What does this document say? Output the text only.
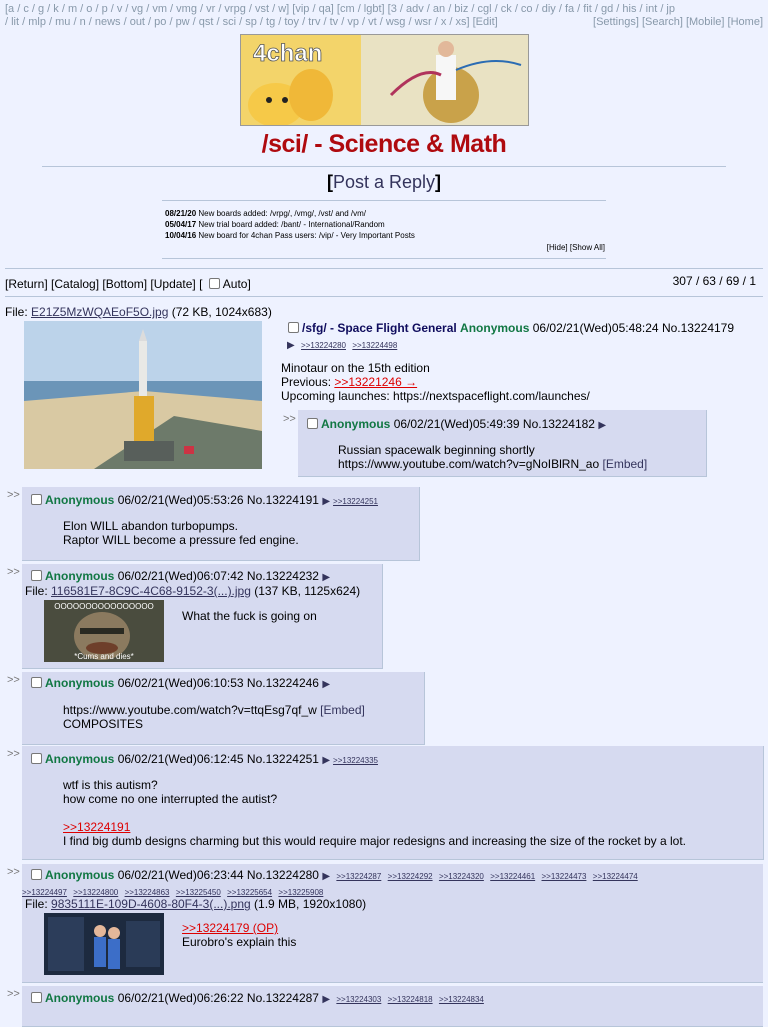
[a / c / g / k / m / o / p / v / vg / vm / vmg / vr / vrpg / vst / w] [vip / qa] [cm / lgbt] [3 / adv / an / biz / cgl / ck / co / diy / fa / fit / gd / his / int / jp
/ lit / mlp / mu / n / news / out / po / pw / qst / sci / sp / tg / toy / trv / tv / vp / vt / wsg / wsr / x / xs] [Edit]	[Settings] [Search] [Mobile] [Home]
4chan
/sci/ - Science & Math
[Post a Reply]
08/21/20 New boards added: /vrpg/, /vmg/, /vst/ and /vm/
05/04/17 New trial board added: /bant/ - International/Random
10/04/16 New board for 4chan Pass users: /vip/ - Very Important Posts
[Hide] [Show All]
[Return] [Catalog] [Bottom] [Update] [ Auto]	307 / 63 / 69 / 1
File: E21Z5MzWQAEoF5O.jpg (72 KB, 1024x683)
/sfg/ - Space Flight General Anonymous 06/02/21(Wed)05:48:24 No.13224179
▶ >>13224280 >>13224498
Minotaur on the 15th edition
Previous: >>13221246 →
Upcoming launches: https://nextspaceflight.com/launches/
>>	Anonymous 06/02/21(Wed)05:49:39 No.13224182 ▶
Russian spacewalk beginning shortly
https://www.youtube.com/watch?v=gNoIBlRN_ao [Embed]
>>	Anonymous 06/02/21(Wed)05:53:26 No.13224191 ▶ >>13224251
Elon WILL abandon turbopumps.
Raptor WILL become a pressure fed engine.
>>	Anonymous 06/02/21(Wed)06:07:42 No.13224232 ▶
File: 116581E7-8C9C-4C68-9152-3(...).jpg (137 KB, 1125x624)
OOOOOOOOOOOOOOOO
*Cums and dies*
What the fuck is going on
>>	Anonymous 06/02/21(Wed)06:10:53 No.13224246 ▶
https://www.youtube.com/watch?v=ttqEsg7qf_w [Embed]
COMPOSITES
>>	Anonymous 06/02/21(Wed)06:12:45 No.13224251 ▶ >>13224335
wtf is this autism?
how come no one interrupted the autist?
>>13224191
I find big dumb designs charming but this would require major redesigns and increasing the size of the rocket by a lot.
>>	Anonymous 06/02/21(Wed)06:23:44 No.13224280 ▶ >>13224287 >>13224292 >>13224320 >>13224461 >>13224473 >>13224474
>>13224497 >>13224800 >>13224863 >>13225450 >>13225654 >>13225908
File: 9835111E-109D-4608-80F4-3(...).png (1.9 MB, 1920x1080)
>>13224179 (OP)
Eurobro's explain this
>>	Anonymous 06/02/21(Wed)06:26:22 No.13224287 ▶ >>13224303 >>13224818 >>13224834
